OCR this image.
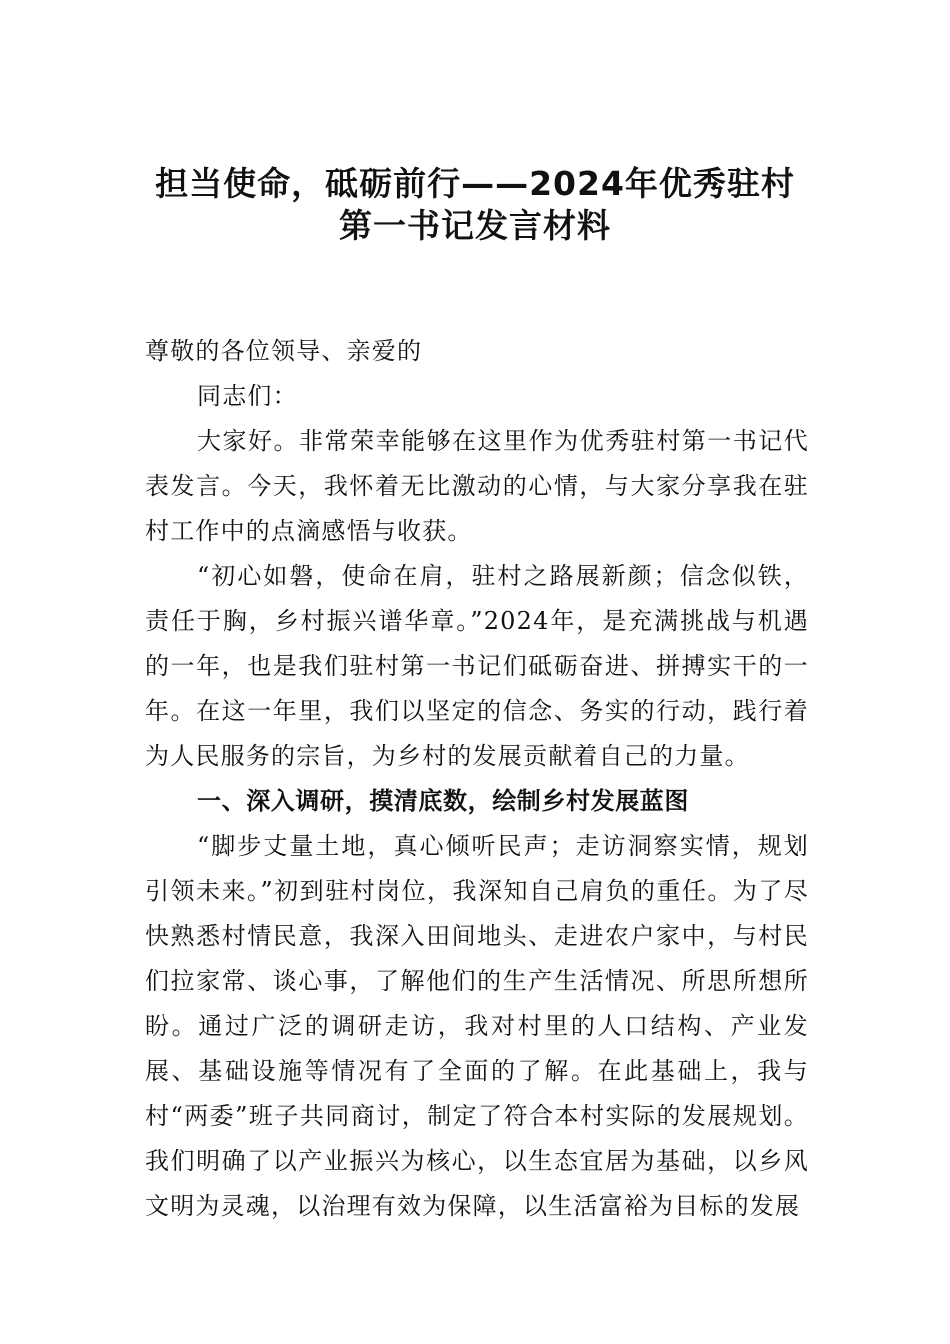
担当使命，砥砺前行——2024年优秀驻村
第一书记发言材料

尊敬的各位领导、亲爱的

同志们：

大家好。非常荣幸能够在这里作为优秀驻村第一书记代表发言。今天，我怀着无比激动的心情，与大家分享我在驻村工作中的点滴感悟与收获。

“初心如磐，使命在肩，驻村之路展新颜；信念似铁，责任于胸，乡村振兴谱华章。”2024年，是充满挑战与机遇的一年，也是我们驻村第一书记们砥砺奋进、拼搏实干的一年。在这一年里，我们以坚定的信念、务实的行动，践行着为人民服务的宗旨，为乡村的发展贡献着自己的力量。

一、深入调研，摸清底数，绘制乡村发展蓝图

“脚步丈量土地，真心倾听民声；走访洞察实情，规划引领未来。”初到驻村岗位，我深知自己肩负的重任。为了尽快熟悉村情民意，我深入田间地头、走进农户家中，与村民们拉家常、谈心事，了解他们的生产生活情况、所思所想所盼。通过广泛的调研走访，我对村里的人口结构、产业发展、基础设施等情况有了全面的了解。在此基础上，我与村“两委”班子共同商讨，制定了符合本村实际的发展规划。我们明确了以产业振兴为核心，以生态宜居为基础，以乡风文明为灵魂，以治理有效为保障，以生活富裕为目标的发展
